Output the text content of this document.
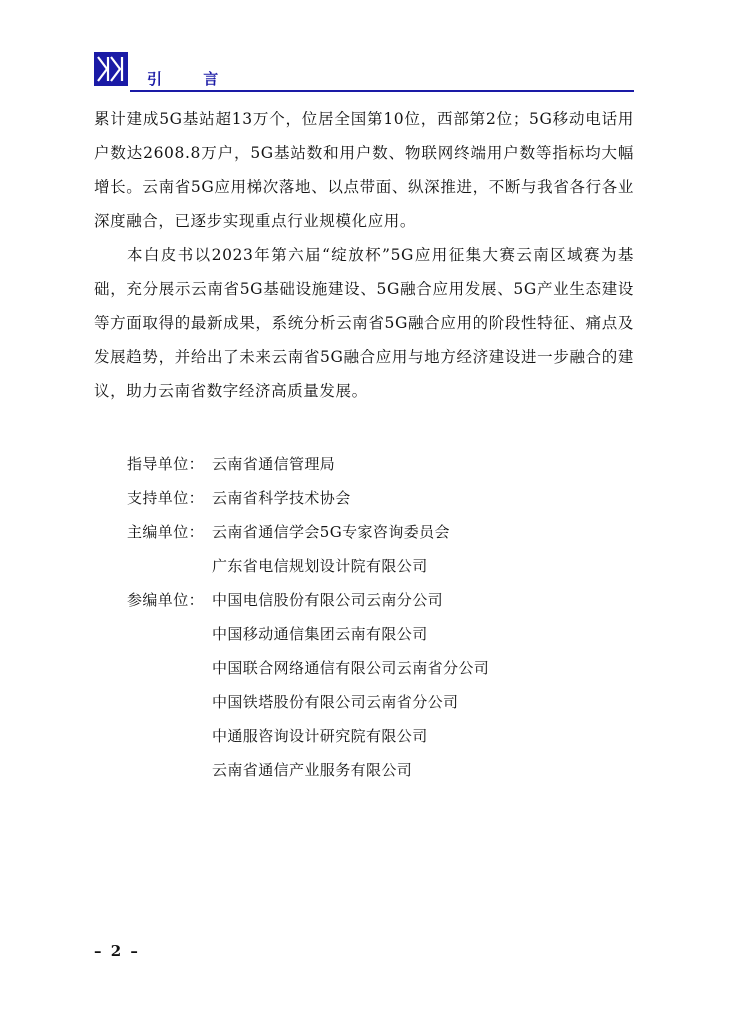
引 言

累计建成5G基站超13万个，位居全国第10位，西部第2位；5G移动电话用户数达2608.8万户，5G基站数和用户数、物联网终端用户数等指标均大幅增长。云南省5G应用梯次落地、以点带面、纵深推进，不断与我省各行各业深度融合，已逐步实现重点行业规模化应用。

本白皮书以2023年第六届“绽放杯”5G应用征集大赛云南区域赛为基础，充分展示云南省5G基础设施建设、5G融合应用发展、5G产业生态建设等方面取得的最新成果，系统分析云南省5G融合应用的阶段性特征、痛点及发展趋势，并给出了未来云南省5G融合应用与地方经济建设进一步融合的建议，助力云南省数字经济高质量发展。

指导单位： 云南省通信管理局
支持单位： 云南省科学技术协会
主编单位： 云南省通信学会5G专家咨询委员会
广东省电信规划设计院有限公司
参编单位： 中国电信股份有限公司云南分公司
中国移动通信集团云南有限公司
中国联合网络通信有限公司云南省分公司
中国铁塔股份有限公司云南省分公司
中通服咨询设计研究院有限公司
云南省通信产业服务有限公司
– 2 –
